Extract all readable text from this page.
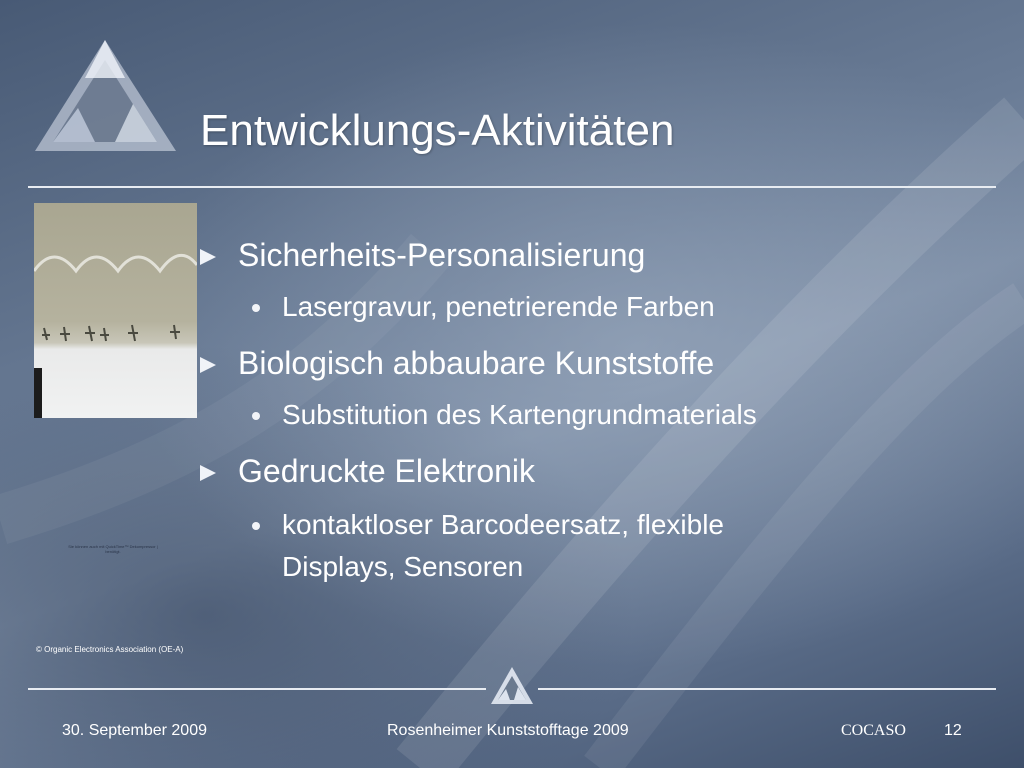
Entwicklungs-Aktivitäten
Sie können auch mit QuickTime™ Dekompressor | benötigt.
© Organic Electronics Association (OE-A)
Sicherheits-Personalisierung
Lasergravur, penetrierende Farben
Biologisch abbaubare Kunststoffe
Substitution des Kartengrundmaterials
Gedruckte Elektronik
kontaktloser Barcodeersatz, flexible Displays, Sensoren
30. September 2009	Rosenheimer Kunststofftage 2009	COCASO 12
